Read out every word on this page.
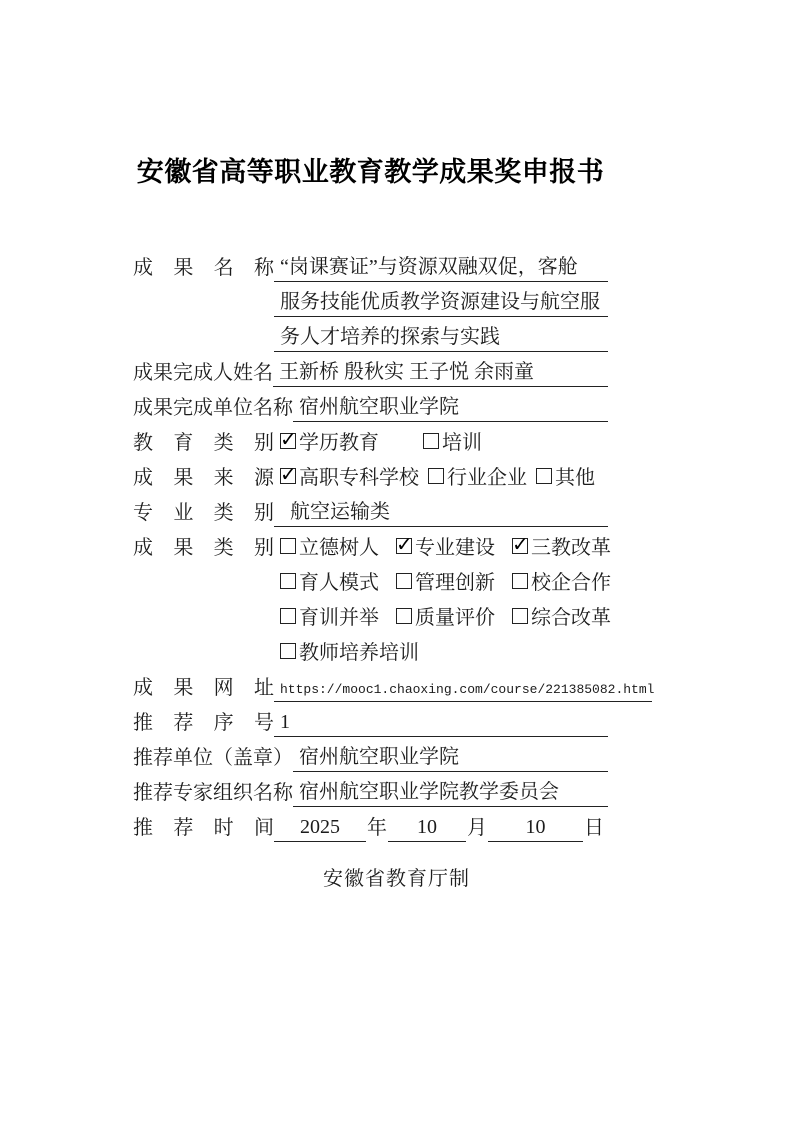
安徽省高等职业教育教学成果奖申报书
成 果 名 称 “岗课赛证”与资源双融双促，客舱
服务技能优质教学资源建设与航空服
务人才培养的探索与实践
成果完成人姓名 王新桥 殷秋实 王子悦 余雨童
成果完成单位名称 宿州航空职业学院
教 育 类 别 ✓ 学历教育	培训
成 果 来 源 ✓ 高职专科学校 行业企业 其他
专 业 类 别 航空运输类
成 果 类 别 立德树人 ✓ 专业建设 ✓ 三教改革
育人模式 管理创新 校企合作
育训并举 质量评价 综合改革
教师培养培训
成 果 网 址 https://mooc1.chaoxing.com/course/221385082.html
推 荐 序 号 1
推荐单位（盖章） 宿州航空职业学院
推荐专家组织名称 宿州航空职业学院教学委员会
推 荐 时 间	2025	年	10	月	10	日
安徽省教育厅制
